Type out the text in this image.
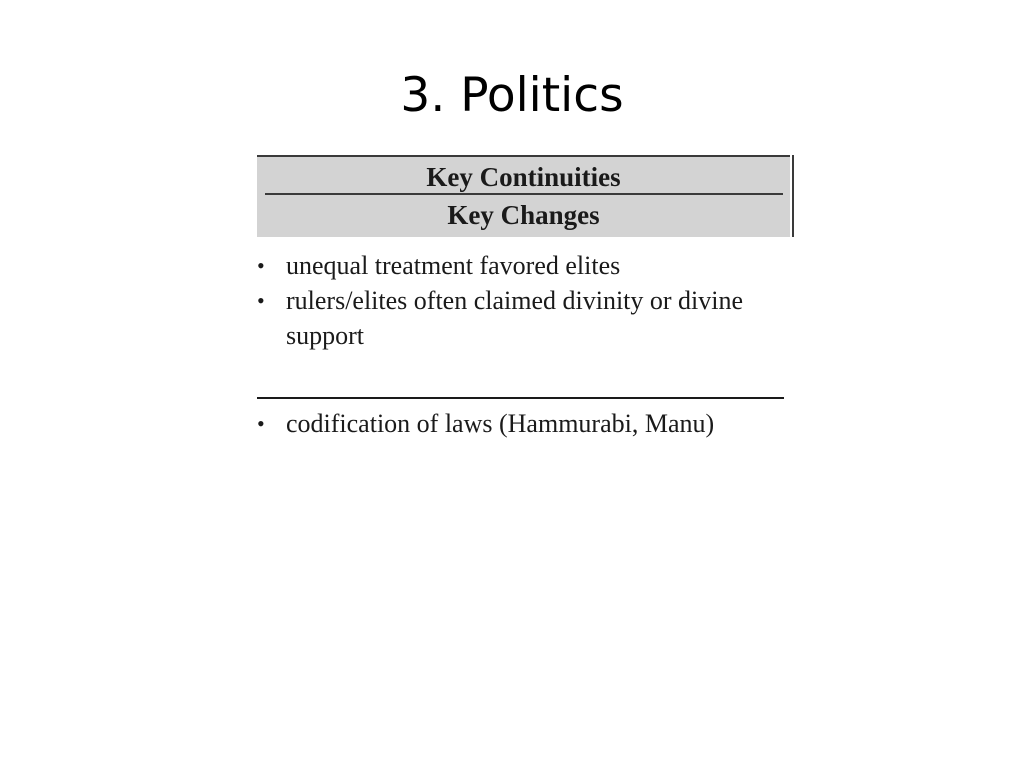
3. Politics
Key Continuities
Key Changes
• unequal treatment favored elites
• rulers/elites often claimed divinity or divine support
• codification of laws (Hammurabi, Manu)
